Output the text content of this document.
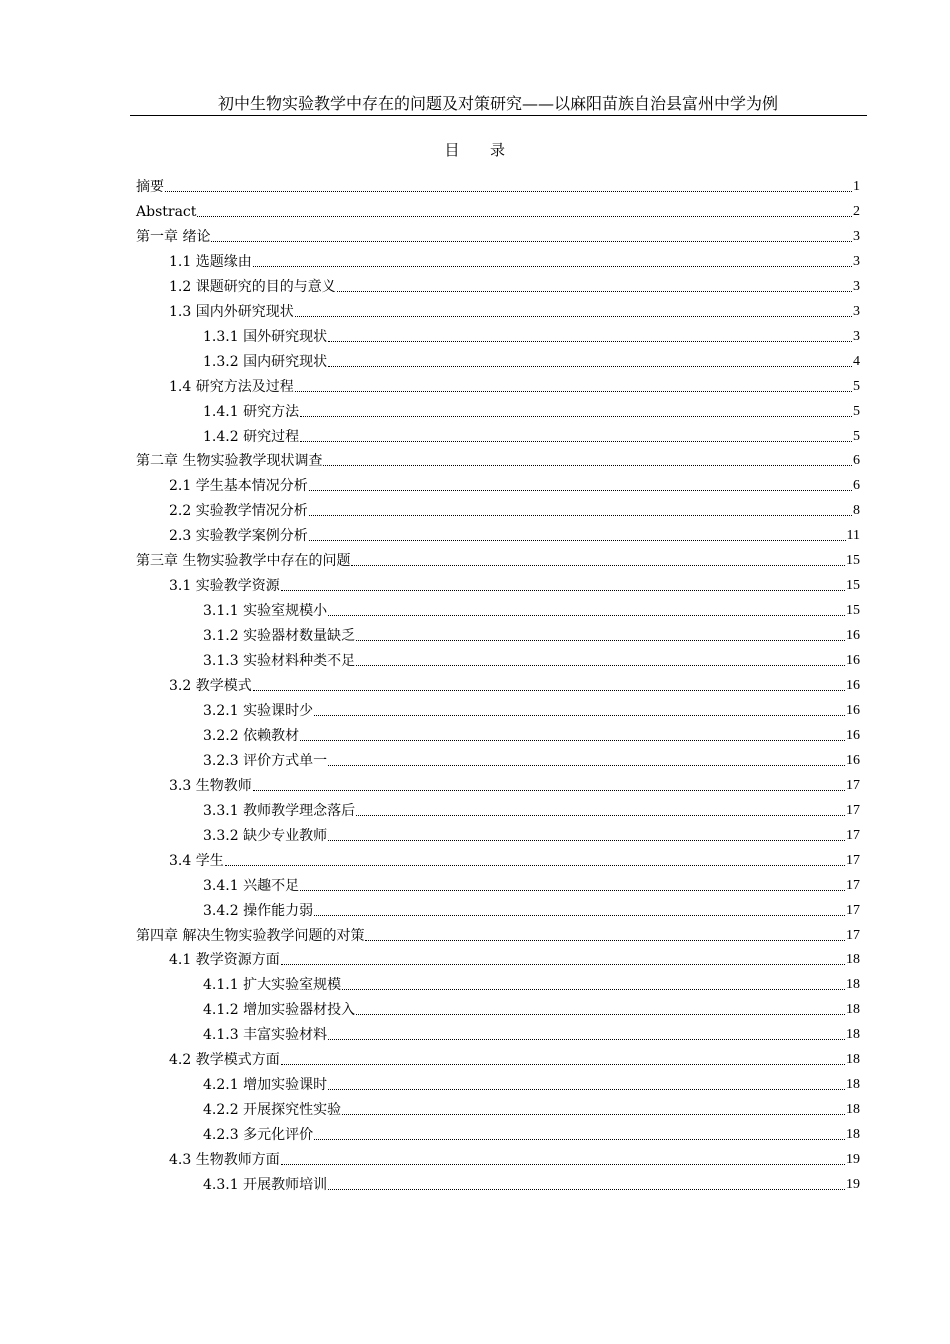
初中生物实验教学中存在的问题及对策研究——以麻阳苗族自治县富州中学为例
目 录
摘要	1
Abstract	2
第一章 绪论	3
1.1 选题缘由	3
1.2 课题研究的目的与意义	3
1.3 国内外研究现状	3
1.3.1 国外研究现状	3
1.3.2 国内研究现状	4
1.4 研究方法及过程	5
1.4.1 研究方法	5
1.4.2 研究过程	5
第二章 生物实验教学现状调查	6
2.1 学生基本情况分析	6
2.2 实验教学情况分析	8
2.3 实验教学案例分析	11
第三章 生物实验教学中存在的问题	15
3.1 实验教学资源	15
3.1.1 实验室规模小	15
3.1.2 实验器材数量缺乏	16
3.1.3 实验材料种类不足	16
3.2 教学模式	16
3.2.1 实验课时少	16
3.2.2 依赖教材	16
3.2.3 评价方式单一	16
3.3 生物教师	17
3.3.1 教师教学理念落后	17
3.3.2 缺少专业教师	17
3.4 学生	17
3.4.1 兴趣不足	17
3.4.2 操作能力弱	17
第四章 解决生物实验教学问题的对策	17
4.1 教学资源方面	18
4.1.1 扩大实验室规模	18
4.1.2 增加实验器材投入	18
4.1.3 丰富实验材料	18
4.2 教学模式方面	18
4.2.1 增加实验课时	18
4.2.2 开展探究性实验	18
4.2.3 多元化评价	18
4.3 生物教师方面	19
4.3.1 开展教师培训	19
